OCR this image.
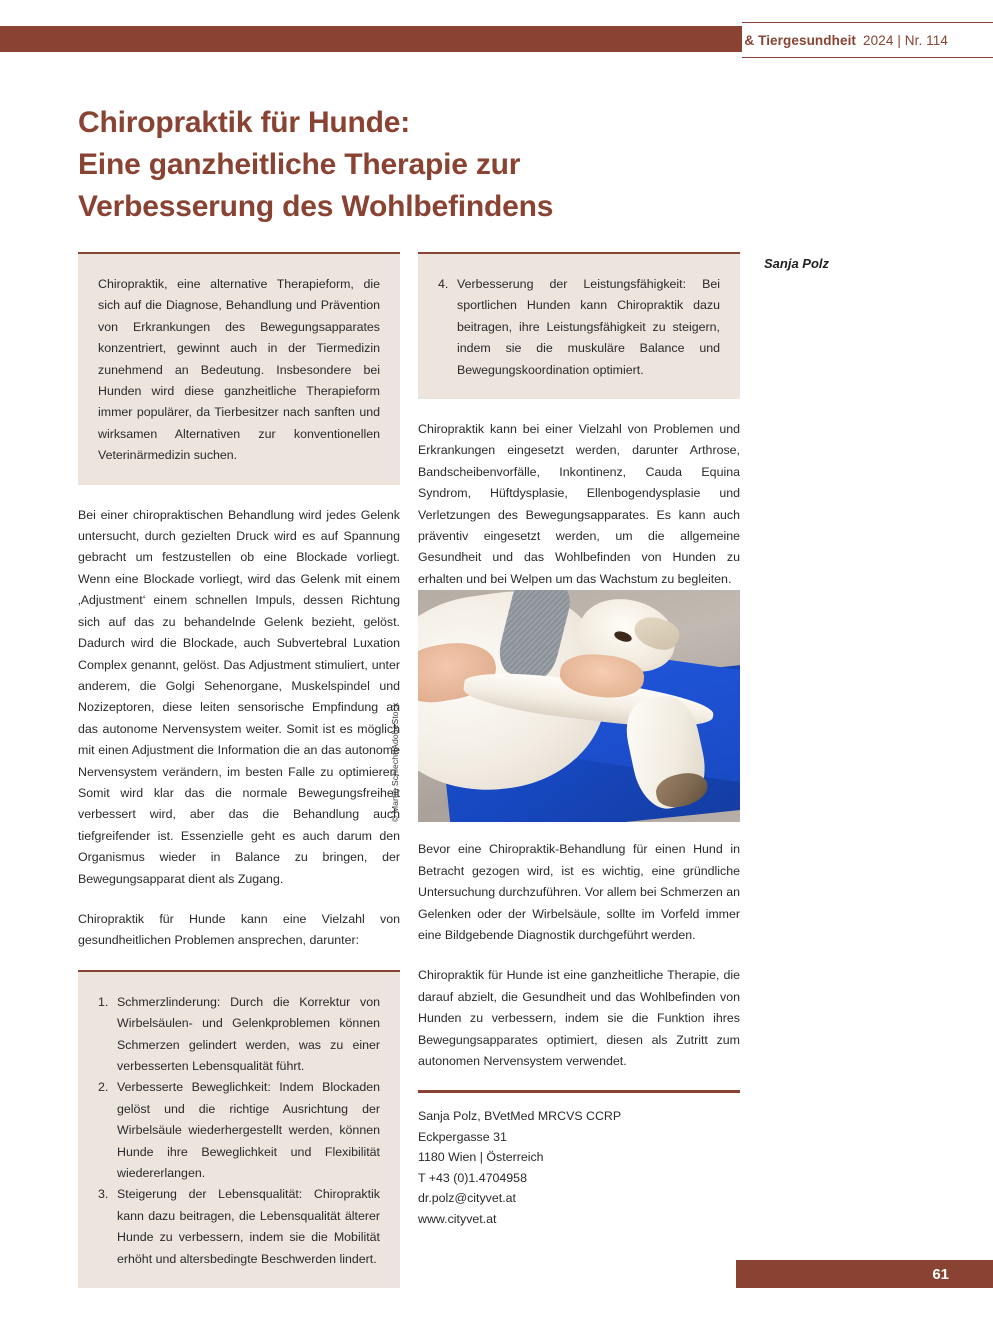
OM & Tiergesundheit 2024 | Nr. 114
Chiropraktik für Hunde:
Eine ganzheitliche Therapie zur
Verbesserung des Wohlbefindens
Sanja Polz

Chiropraktik, eine alternative Therapieform, die sich auf die Diagnose, Behandlung und Prävention von Erkrankungen des Bewegungsapparates konzentriert, gewinnt auch in der Tiermedizin zunehmend an Bedeutung. Insbesondere bei Hunden wird diese ganzheitliche Therapieform immer populärer, da Tierbesitzer nach sanften und wirksamen Alternativen zur konventionellen Veterinärmedizin suchen.

Bei einer chiropraktischen Behandlung wird jedes Gelenk untersucht, durch gezielten Druck wird es auf Spannung gebracht um festzustellen ob eine Blockade vorliegt. Wenn eine Blockade vorliegt, wird das Gelenk mit einem ‚Adjustment‘ einem schnellen Impuls, dessen Richtung sich auf das zu behandelnde Gelenk bezieht, gelöst. Dadurch wird die Blockade, auch Subvertebral Luxation Complex genannt, gelöst. Das Adjustment stimuliert, unter anderem, die Golgi Sehenorgane, Muskelspindel und Nozizeptoren, diese leiten sensorische Empfindung an das autonome Nervensystem weiter. Somit ist es möglich mit einen Adjustment die Information die an das autonome Nervensystem verändern, im besten Falle zu optimieren. Somit wird klar das die normale Bewegungsfreiheit verbessert wird, aber das die Behandlung auch tiefgreifender ist. Essenzielle geht es auch darum den Organismus wieder in Balance zu bringen, der Bewegungsapparat dient als Zugang.

Chiropraktik für Hunde kann eine Vielzahl von gesundheitlichen Problemen ansprechen, darunter:

1. Schmerzlinderung: Durch die Korrektur von Wirbelsäulen- und Gelenkproblemen können Schmerzen gelindert werden, was zu einer verbesserten Lebensqualität führt.
2. Verbesserte Beweglichkeit: Indem Blockaden gelöst und die richtige Ausrichtung der Wirbelsäule wiederhergestellt werden, können Hunde ihre Beweglichkeit und Flexibilität wiedererlangen.
3. Steigerung der Lebensqualität: Chiropraktik kann dazu beitragen, die Lebensqualität älterer Hunde zu verbessern, indem sie die Mobilität erhöht und altersbedingte Beschwerden lindert.
4. Verbesserung der Leistungsfähigkeit: Bei sportlichen Hunden kann Chiropraktik dazu beitragen, ihre Leistungsfähigkeit zu steigern, indem sie die muskuläre Balance und Bewegungskoordination optimiert.

Chiropraktik kann bei einer Vielzahl von Problemen und Erkrankungen eingesetzt werden, darunter Arthrose, Bandscheibenvorfälle, Inkontinenz, Cauda Equina Syndrom, Hüftdysplasie, Ellenbogendysplasie und Verletzungen des Bewegungsapparates. Es kann auch präventiv eingesetzt werden, um die allgemeine Gesundheit und das Wohlbefinden von Hunden zu erhalten und bei Welpen um das Wachstum zu begleiten.

© Martin Schlecht/AdobeStock

Bevor eine Chiropraktik-Behandlung für einen Hund in Betracht gezogen wird, ist es wichtig, eine gründliche Untersuchung durchzuführen. Vor allem bei Schmerzen an Gelenken oder der Wirbelsäule, sollte im Vorfeld immer eine Bildgebende Diagnostik durchgeführt werden.

Chiropraktik für Hunde ist eine ganzheitliche Therapie, die darauf abzielt, die Gesundheit und das Wohlbefinden von Hunden zu verbessern, indem sie die Funktion ihres Bewegungsapparates optimiert, diesen als Zutritt zum autonomen Nervensystem verwendet.

Sanja Polz, BVetMed MRCVS CCRP
Eckpergasse 31
1180 Wien | Österreich
T +43 (0)1.4704958
dr.polz@cityvet.at
www.cityvet.at
61
